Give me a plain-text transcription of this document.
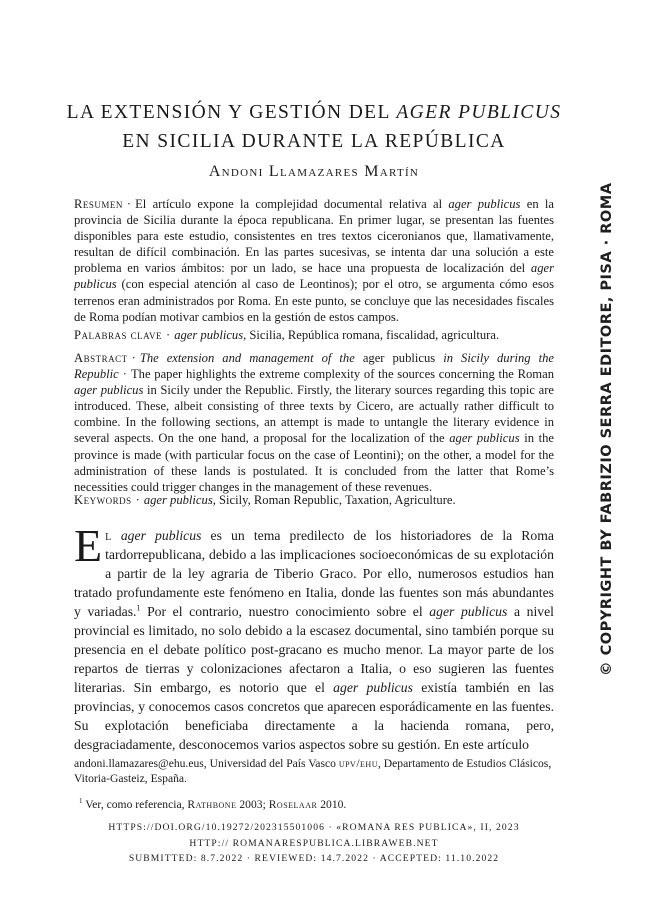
LA EXTENSIÓN Y GESTIÓN DEL AGER PUBLICUS
EN SICILIA DURANTE LA REPÚBLICA
Andoni Llamazares Martín
Resumen · El artículo expone la complejidad documental relativa al ager publicus en la provincia de Sicilia durante la época republicana. En primer lugar, se presentan las fuentes disponibles para este estudio, consistentes en tres textos ciceronianos que, llamativamente, resultan de difícil combinación. En las partes sucesivas, se intenta dar una solución a este problema en varios ámbitos: por un lado, se hace una propuesta de localización del ager publicus (con especial atención al caso de Leontinos); por el otro, se argumenta cómo esos terrenos eran administrados por Roma. En este punto, se concluye que las necesidades fiscales de Roma podían motivar cambios en la gestión de estos campos.
Palabras clave · ager publicus, Sicilia, República romana, fiscalidad, agricultura.
Abstract · The extension and management of the ager publicus in Sicily during the Republic · The paper highlights the extreme complexity of the sources concerning the Roman ager publicus in Sicily under the Republic. Firstly, the literary sources regarding this topic are introduced. These, albeit consisting of three texts by Cicero, are actually rather difficult to combine. In the following sections, an attempt is made to untangle the literary evidence in several aspects. On the one hand, a proposal for the localization of the ager publicus in the province is made (with particular focus on the case of Leontini); on the other, a model for the administration of these lands is postulated. It is concluded from the latter that Rome’s necessities could trigger changes in the management of these revenues.
Keywords · ager publicus, Sicily, Roman Republic, Taxation, Agriculture.
El ager publicus es un tema predilecto de los historiadores de la Roma tardorrepublicana, debido a las implicaciones socioeconómicas de su explotación a partir de la ley agraria de Tiberio Graco. Por ello, numerosos estudios han tratado profundamente este fenómeno en Italia, donde las fuentes son más abundantes y variadas.$^1$ Por el contrario, nuestro conocimiento sobre el ager publicus a nivel provincial es limitado, no solo debido a la escasez documental, sino también porque su presencia en el debate político post-gracano es mucho menor. La mayor parte de los repartos de tierras y colonizaciones afectaron a Italia, o eso sugieren las fuentes literarias. Sin embargo, es notorio que el ager publicus existía también en las provincias, y conocemos casos concretos que aparecen esporádicamente en las fuentes. Su explotación beneficiaba directamente a la hacienda romana, pero, desgraciadamente, desconocemos varios aspectos sobre su gestión. En este artículo
andoni.llamazares@ehu.eus, Universidad del País Vasco upv/ehu, Departamento de Estudios Clásicos, Vitoria-Gasteiz, España.
$^1$ Ver, como referencia, Rathbone 2003; Roselaar 2010.
HTTPS://DOI.ORG/10.19272/202315501006 · «ROMANA RES PUBLICA», II, 2023
HTTP:// ROMANARESPUBLICA.LIBRAWEB.NET
SUBMITTED: 8.7.2022 · REVIEWED: 14.7.2022 · ACCEPTED: 11.10.2022
© COPYRIGHT BY FABRIZIO SERRA EDITORE, PISA · ROMA
